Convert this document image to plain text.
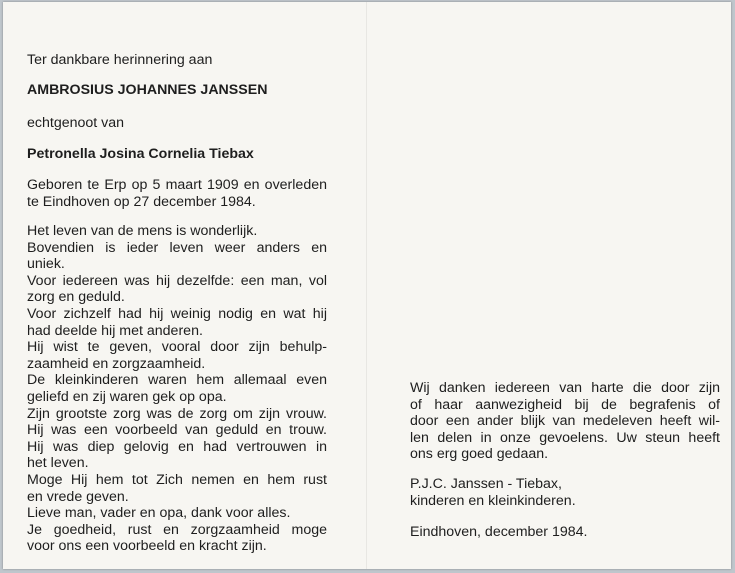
Ter dankbare herinnering aan

AMBROSIUS JOHANNES JANSSEN

echtgenoot van

Petronella Josina Cornelia Tiebax

Geboren te Erp op 5 maart 1909 en overleden
te Eindhoven op 27 december 1984.
Het leven van de mens is wonderlijk.
Bovendien is ieder leven weer anders en
uniek.
Voor iedereen was hij dezelfde: een man, vol
zorg en geduld.
Voor zichzelf had hij weinig nodig en wat hij
had deelde hij met anderen.
Hij wist te geven, vooral door zijn behulp-
zaamheid en zorgzaamheid.
De kleinkinderen waren hem allemaal even
geliefd en zij waren gek op opa.
Zijn grootste zorg was de zorg om zijn vrouw.
Hij was een voorbeeld van geduld en trouw.
Hij was diep gelovig en had vertrouwen in
het leven.
Moge Hij hem tot Zich nemen en hem rust
en vrede geven.
Lieve man, vader en opa, dank voor alles.
Je goedheid, rust en zorgzaamheid moge
voor ons een voorbeeld en kracht zijn.
Wij danken iedereen van harte die door zijn
of haar aanwezigheid bij de begrafenis of
door een ander blijk van medeleven heeft wil-
len delen in onze gevoelens. Uw steun heeft
ons erg goed gedaan.
P.J.C. Janssen - Tiebax,
kinderen en kleinkinderen.

Eindhoven, december 1984.
